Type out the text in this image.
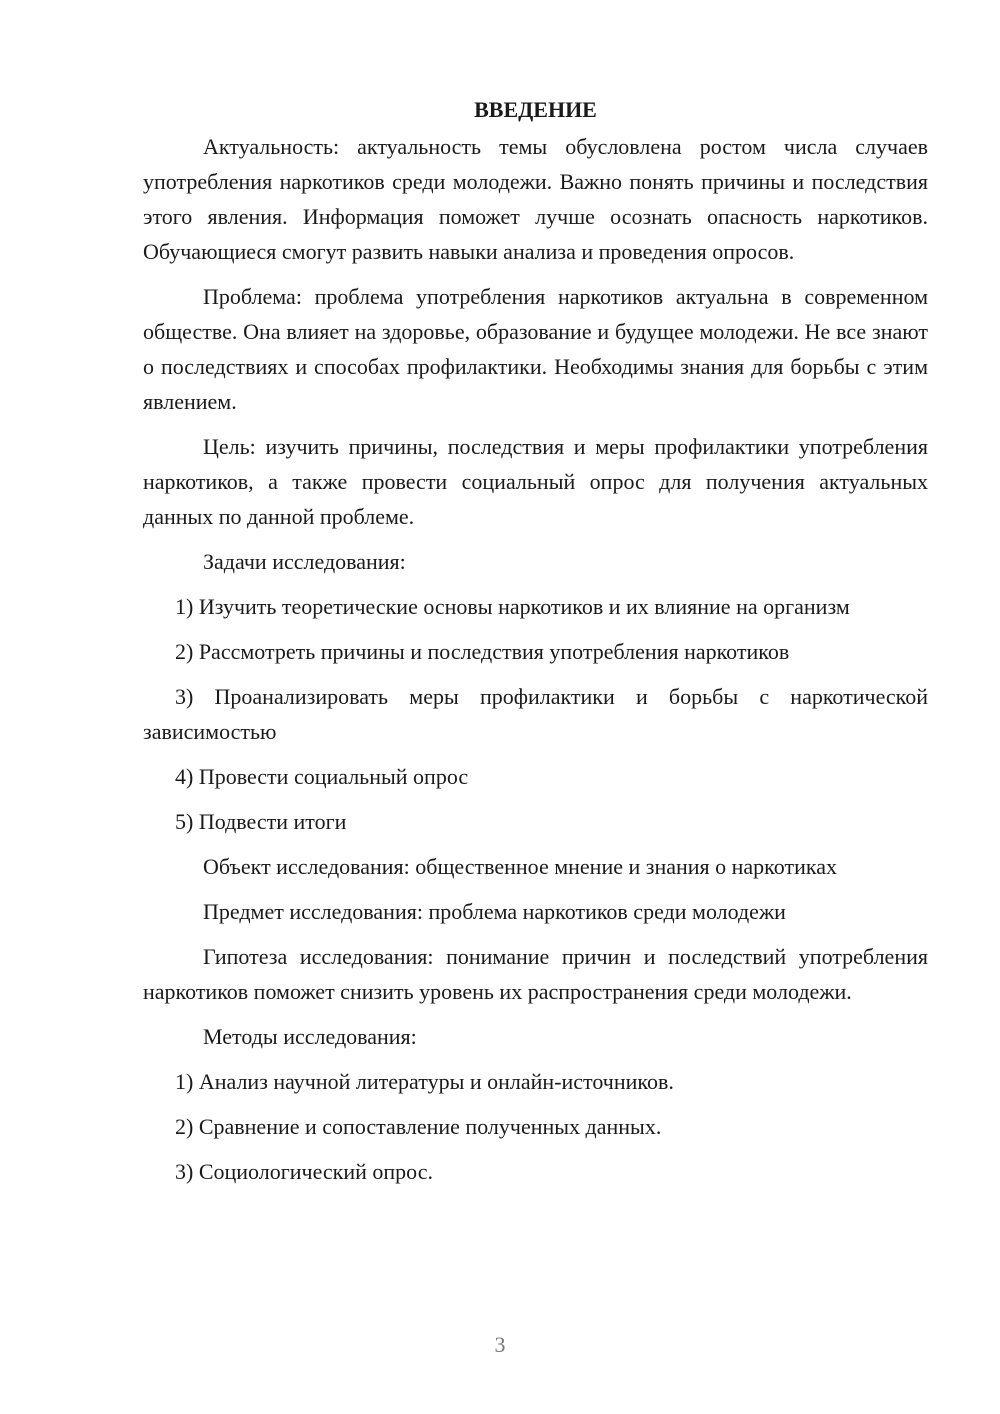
ВВЕДЕНИЕ

Актуальность: актуальность темы обусловлена ростом числа случаев употребления наркотиков среди молодежи. Важно понять причины и последствия этого явления. Информация поможет лучше осознать опасность наркотиков. Обучающиеся смогут развить навыки анализа и проведения опросов.

Проблема: проблема употребления наркотиков актуальна в современном обществе. Она влияет на здоровье, образование и будущее молодежи. Не все знают о последствиях и способах профилактики. Необходимы знания для борьбы с этим явлением.

Цель: изучить причины, последствия и меры профилактики употребления наркотиков, а также провести социальный опрос для получения актуальных данных по данной проблеме.

Задачи исследования:

1) Изучить теоретические основы наркотиков и их влияние на организм

2) Рассмотреть причины и последствия употребления наркотиков

3) Проанализировать меры профилактики и борьбы с наркотической зависимостью

4) Провести социальный опрос

5) Подвести итоги

Объект исследования: общественное мнение и знания о наркотиках

Предмет исследования: проблема наркотиков среди молодежи

Гипотеза исследования: понимание причин и последствий употребления наркотиков поможет снизить уровень их распространения среди молодежи.

Методы исследования:

1) Анализ научной литературы и онлайн-источников.

2) Сравнение и сопоставление полученных данных.

3) Социологический опрос.

3
